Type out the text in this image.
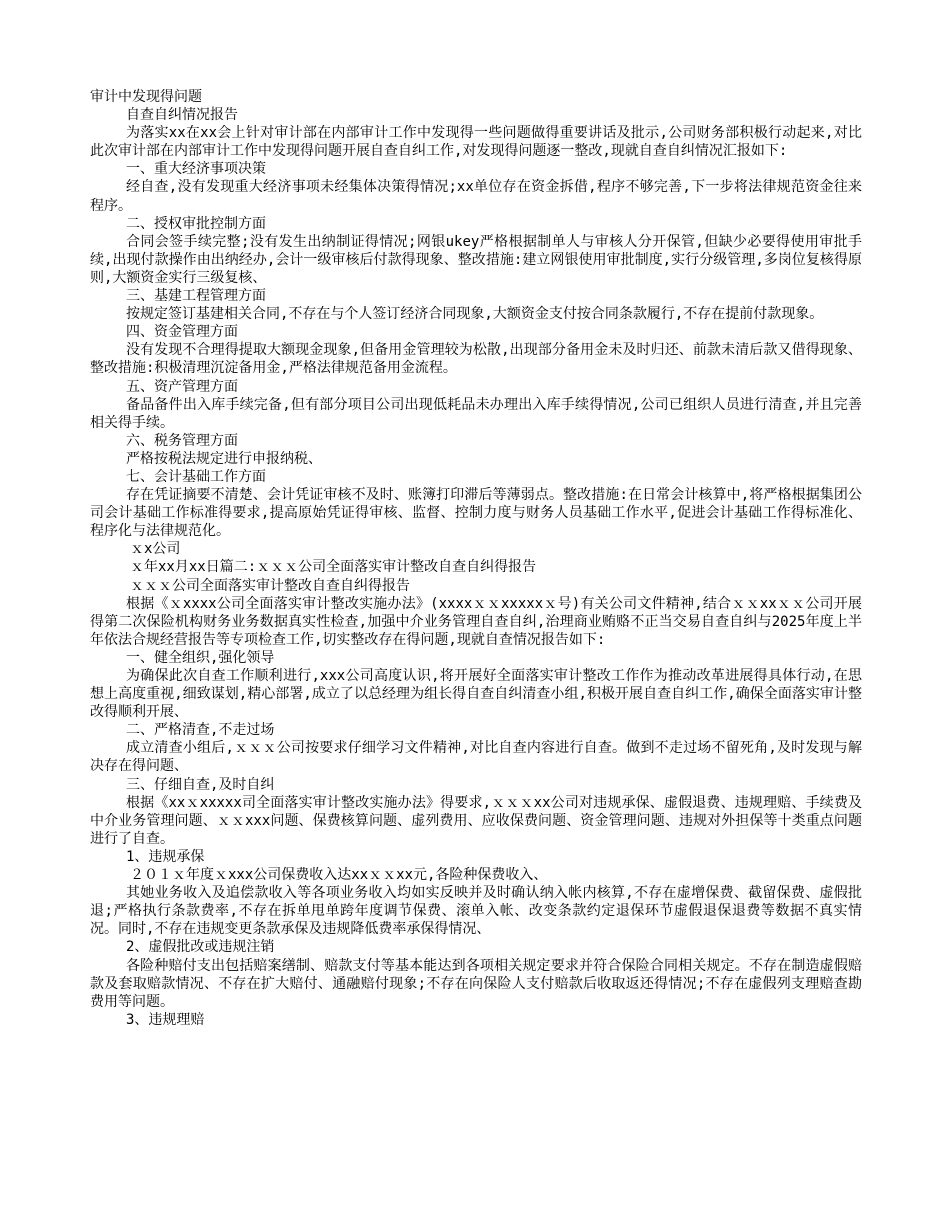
审计中发现得问题

自查自纠情况报告

为落实xx在xx会上针对审计部在内部审计工作中发现得一些问题做得重要讲话及批示,公司财务部积极行动起来,对比此次审计部在内部审计工作中发现得问题开展自查自纠工作,对发现得问题逐一整改,现就自查自纠情况汇报如下:

一、重大经济事项决策

经自查,没有发现重大经济事项未经集体决策得情况;xx单位存在资金拆借,程序不够完善,下一步将法律规范资金往来程序。

二、授权审批控制方面

合同会签手续完整;没有发生出纳制证得情况;网银ukey严格根据制单人与审核人分开保管,但缺少必要得使用审批手续,出现付款操作由出纳经办,会计一级审核后付款得现象、整改措施:建立网银使用审批制度,实行分级管理,多岗位复核得原则,大额资金实行三级复核、

三、基建工程管理方面

按规定签订基建相关合同,不存在与个人签订经济合同现象,大额资金支付按合同条款履行,不存在提前付款现象。

四、资金管理方面

没有发现不合理得提取大额现金现象,但备用金管理较为松散,出现部分备用金未及时归还、前款未清后款又借得现象、整改措施:积极清理沉淀备用金,严格法律规范备用金流程。

五、资产管理方面

备品备件出入库手续完备,但有部分项目公司出现低耗品未办理出入库手续得情况,公司已组织人员进行清查,并且完善相关得手续。

六、税务管理方面

严格按税法规定进行申报纳税、

七、会计基础工作方面

存在凭证摘要不清楚、会计凭证审核不及时、账簿打印滞后等薄弱点。整改措施:在日常会计核算中,将严格根据集团公司会计基础工作标准得要求,提高原始凭证得审核、监督、控制力度与财务人员基础工作水平,促进会计基础工作得标准化、程序化与法律规范化。

ｘx公司

ｘ年xx月xx日篇二:ｘｘｘ公司全面落实审计整改自查自纠得报告

ｘｘｘ公司全面落实审计整改自查自纠得报告

根据《ｘxxxx公司全面落实审计整改实施办法》(xxxxｘｘxxxxxｘ号)有关公司文件精神,结合ｘｘxxｘｘ公司开展得第二次保险机构财务业务数据真实性检查,加强中介业务管理自查自纠,治理商业贿赂不正当交易自查自纠与2025年度上半年依法合规经营报告等专项检查工作,切实整改存在得问题,现就自查情况报告如下:

一、健全组织,强化领导

为确保此次自查工作顺利进行,xxx公司高度认识,将开展好全面落实审计整改工作作为推动改革进展得具体行动,在思想上高度重视,细致谋划,精心部署,成立了以总经理为组长得自查自纠清查小组,积极开展自查自纠工作,确保全面落实审计整改得顺利开展、

二、严格清查,不走过场

成立清查小组后,ｘｘｘ公司按要求仔细学习文件精神,对比自查内容进行自查。做到不走过场不留死角,及时发现与解决存在得问题、

三、仔细自查,及时自纠

根据《xxｘxxxxx司全面落实审计整改实施办法》得要求,ｘｘｘxx公司对违规承保、虚假退费、违规理赔、手续费及中介业务管理问题、ｘｘxxx问题、保费核算问题、虚列费用、应收保费问题、资金管理问题、违规对外担保等十类重点问题进行了自查。

1、违规承保

２０１ｘ年度ｘxxx公司保费收入达xxｘｘxx元,各险种保费收入、

其她业务收入及追偿款收入等各项业务收入均如实反映并及时确认纳入帐内核算,不存在虚增保费、截留保费、虚假批退;严格执行条款费率,不存在拆单甩单跨年度调节保费、滚单入帐、改变条款约定退保环节虚假退保退费等数据不真实情况。同时,不存在违规变更条款承保及违规降低费率承保得情况、

2、虚假批改或违规注销

各险种赔付支出包括赔案缮制、赔款支付等基本能达到各项相关规定要求并符合保险合同相关规定。不存在制造虚假赔款及套取赔款情况、不存在扩大赔付、通融赔付现象;不存在向保险人支付赔款后收取返还得情况;不存在虚假列支理赔查勘费用等问题。

3、违规理赔
